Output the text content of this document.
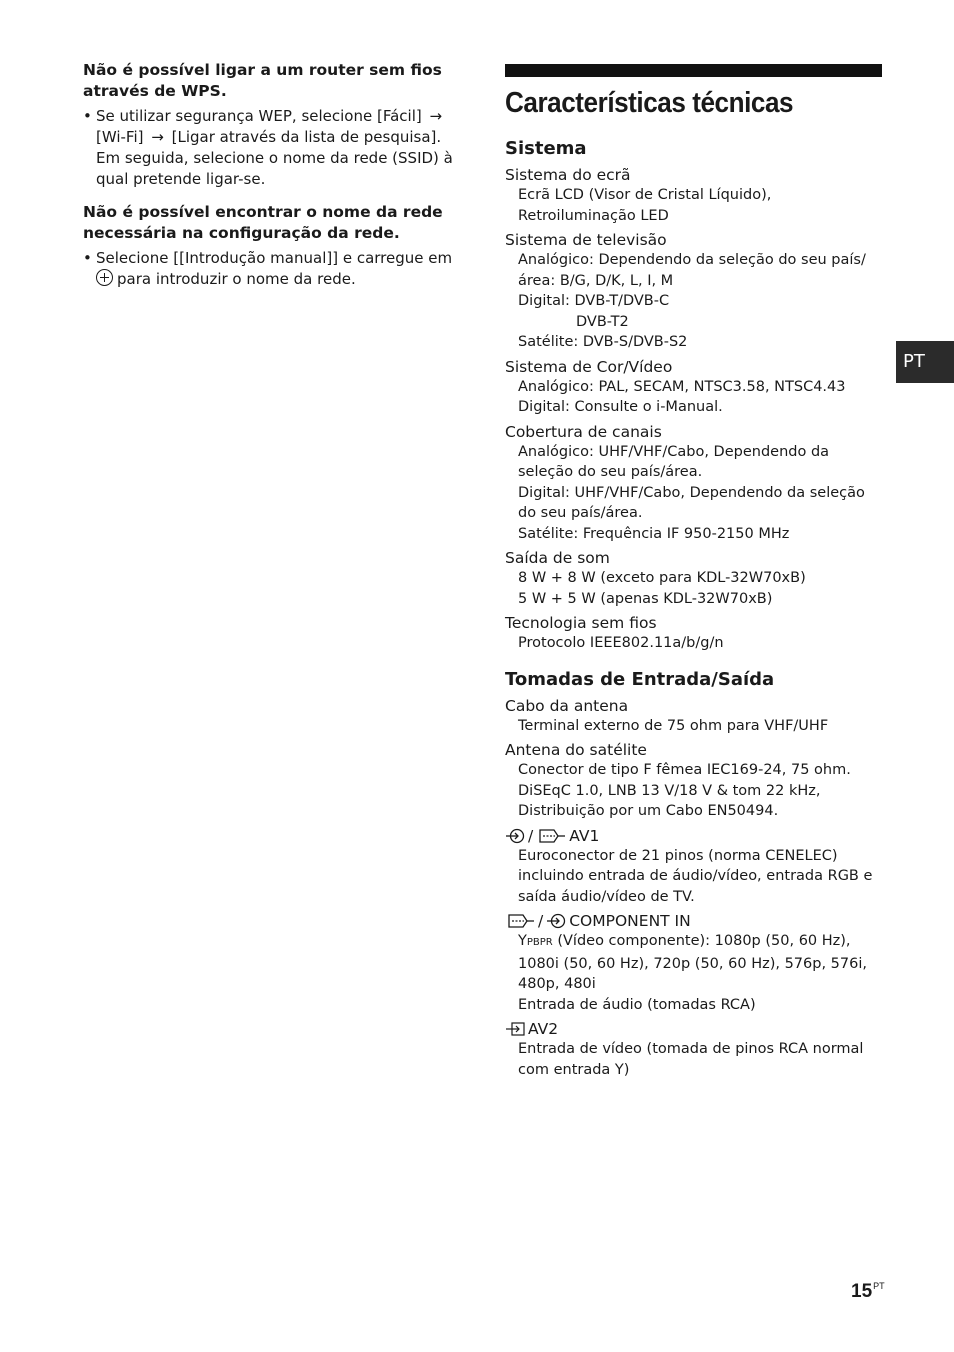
Não é possível ligar a um router sem fios
através de WPS.

• Se utilizar segurança WEP, selecione [Fácil] →
[Wi-Fi] → [Ligar através da lista de pesquisa].
Em seguida, selecione o nome da rede (SSID) à
qual pretende ligar-se.

Não é possível encontrar o nome da rede
necessária na configuração da rede.

• Selecione [[Introdução manual]] e carregue em
para introduzir o nome da rede.
Características técnicas
Sistema
Sistema do ecrã
Ecrã LCD (Visor de Cristal Líquido),
Retroiluminação LED
Sistema de televisão
Analógico: Dependendo da seleção do seu país/
área: B/G, D/K, L, I, M
Digital: DVB-T/DVB-C
DVB-T2
Satélite: DVB-S/DVB-S2
Sistema de Cor/Vídeo
Analógico: PAL, SECAM, NTSC3.58, NTSC4.43
Digital: Consulte o i-Manual.
Cobertura de canais
Analógico: UHF/VHF/Cabo, Dependendo da
seleção do seu país/área.
Digital: UHF/VHF/Cabo, Dependendo da seleção
do seu país/área.
Satélite: Frequência IF 950-2150 MHz
Saída de som
8 W + 8 W (exceto para KDL-32W70xB)
5 W + 5 W (apenas KDL-32W70xB)
Tecnologia sem fios
Protocolo IEEE802.11a/b/g/n
Tomadas de Entrada/Saída
Cabo da antena
Terminal externo de 75 ohm para VHF/UHF
Antena do satélite
Conector de tipo F fêmea IEC169-24, 75 ohm.
DiSEqC 1.0, LNB 13 V/18 V & tom 22 kHz,
Distribuição por um Cabo EN50494.
/ AV1
Euroconector de 21 pinos (norma CENELEC)
incluindo entrada de áudio/vídeo, entrada RGB e
saída áudio/vídeo de TV.
/ COMPONENT IN
YPBPR (Vídeo componente): 1080p (50, 60 Hz),
1080i (50, 60 Hz), 720p (50, 60 Hz), 576p, 576i,
480p, 480i
Entrada de áudio (tomadas RCA)
AV2
Entrada de vídeo (tomada de pinos RCA normal
com entrada Y)
PT
$15^{PT}$
